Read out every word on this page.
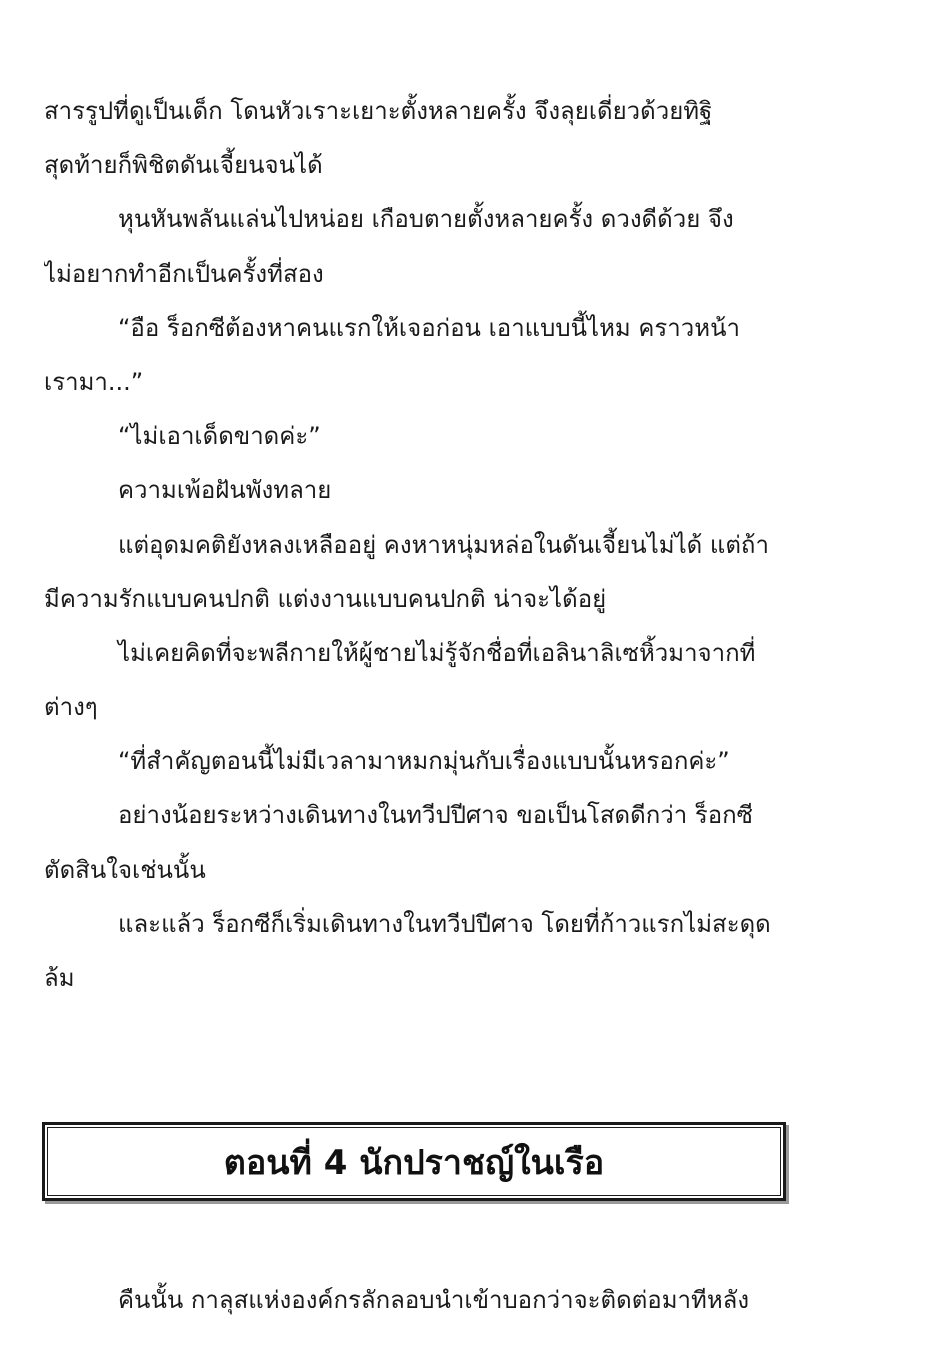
สารรูปที่ดูเป็นเด็ก โดนหัวเราะเยาะตั้งหลายครั้ง จึงลุยเดี่ยวด้วยทิฐิ
สุดท้ายก็พิชิตดันเจี้ยนจนได้
หุนหันพลันแล่นไปหน่อย เกือบตายตั้งหลายครั้ง ดวงดีด้วย จึง
ไม่อยากทำอีกเป็นครั้งที่สอง
“อือ ร็อกซีต้องหาคนแรกให้เจอก่อน เอาแบบนี้ไหม คราวหน้า
เรามา...”
“ไม่เอาเด็ดขาดค่ะ”
ความเพ้อฝันพังทลาย
แต่อุดมคติยังหลงเหลืออยู่ คงหาหนุ่มหล่อในดันเจี้ยนไม่ได้ แต่ถ้า
มีความรักแบบคนปกติ แต่งงานแบบคนปกติ น่าจะได้อยู่
ไม่เคยคิดที่จะพลีกายให้ผู้ชายไม่รู้จักชื่อที่เอลินาลิเซหิ้วมาจากที่
ต่างๆ
“ที่สำคัญตอนนี้ไม่มีเวลามาหมกมุ่นกับเรื่องแบบนั้นหรอกค่ะ”
อย่างน้อยระหว่างเดินทางในทวีปปีศาจ ขอเป็นโสดดีกว่า ร็อกซี
ตัดสินใจเช่นนั้น
และแล้ว ร็อกซีก็เริ่มเดินทางในทวีปปีศาจ โดยที่ก้าวแรกไม่สะดุด
ล้ม
ตอนที่ 4 นักปราชญ์ในเรือ
คืนนั้น กาลุสแห่งองค์กรลักลอบนำเข้าบอกว่าจะติดต่อมาทีหลัง
